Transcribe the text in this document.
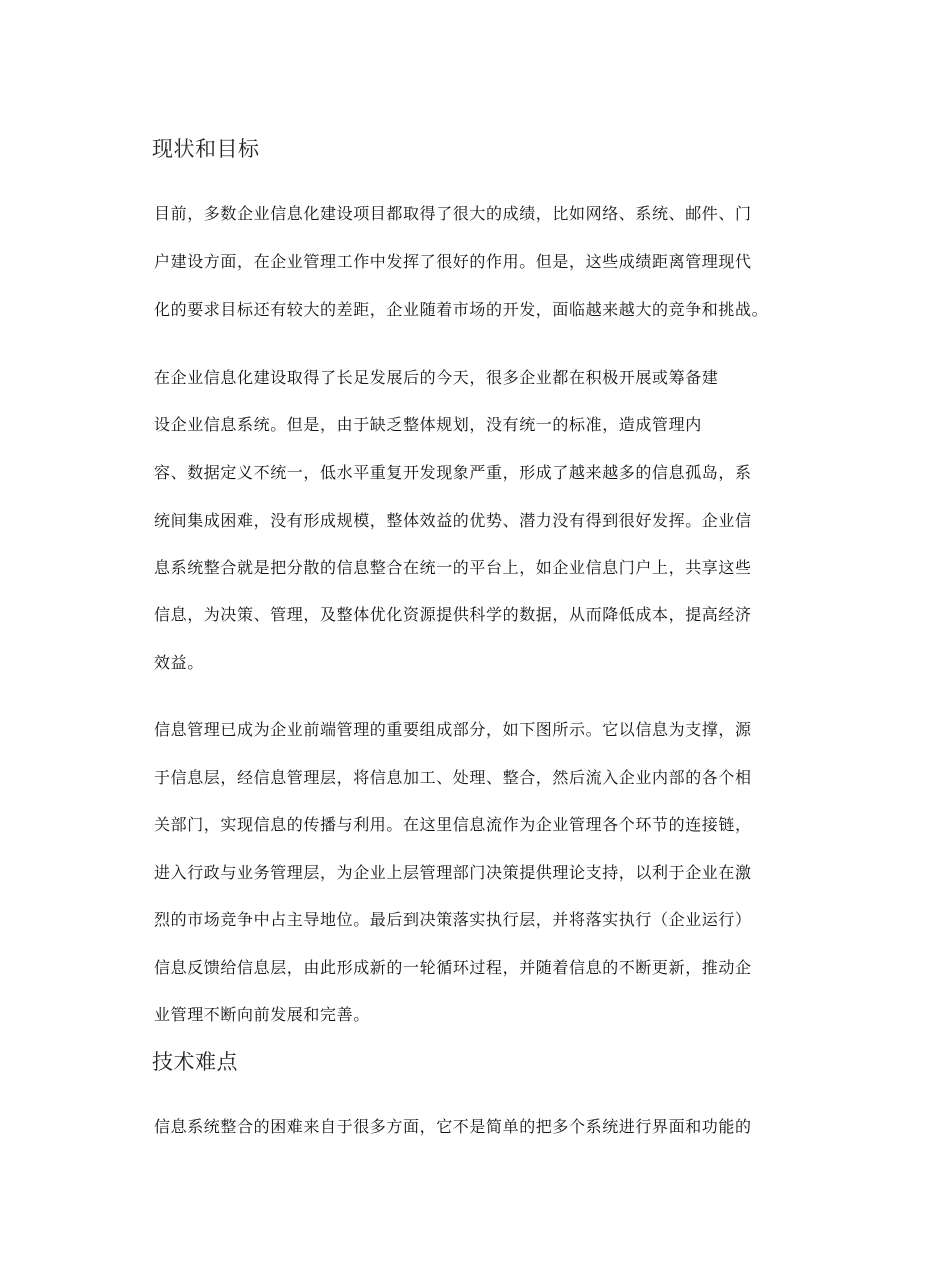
现状和目标
目前，多数企业信息化建设项目都取得了很大的成绩，比如网络、系统、邮件、门
户建设方面，在企业管理工作中发挥了很好的作用。但是，这些成绩距离管理现代
化的要求目标还有较大的差距，企业随着市场的开发，面临越来越大的竞争和挑战。
在企业信息化建设取得了长足发展后的今天，很多企业都在积极开展或筹备建
设企业信息系统。但是，由于缺乏整体规划，没有统一的标准，造成管理内
容、数据定义不统一，低水平重复开发现象严重，形成了越来越多的信息孤岛，系
统间集成困难，没有形成规模，整体效益的优势、潜力没有得到很好发挥。企业信
息系统整合就是把分散的信息整合在统一的平台上，如企业信息门户上，共享这些
信息，为决策、管理，及整体优化资源提供科学的数据，从而降低成本，提高经济
效益。
信息管理已成为企业前端管理的重要组成部分，如下图所示。它以信息为支撑，源
于信息层，经信息管理层，将信息加工、处理、整合，然后流入企业内部的各个相
关部门，实现信息的传播与利用。在这里信息流作为企业管理各个环节的连接链，
进入行政与业务管理层，为企业上层管理部门决策提供理论支持，以利于企业在激
烈的市场竞争中占主导地位。最后到决策落实执行层，并将落实执行（企业运行）
信息反馈给信息层，由此形成新的一轮循环过程，并随着信息的不断更新，推动企
业管理不断向前发展和完善。
技术难点
信息系统整合的困难来自于很多方面，它不是简单的把多个系统进行界面和功能的
